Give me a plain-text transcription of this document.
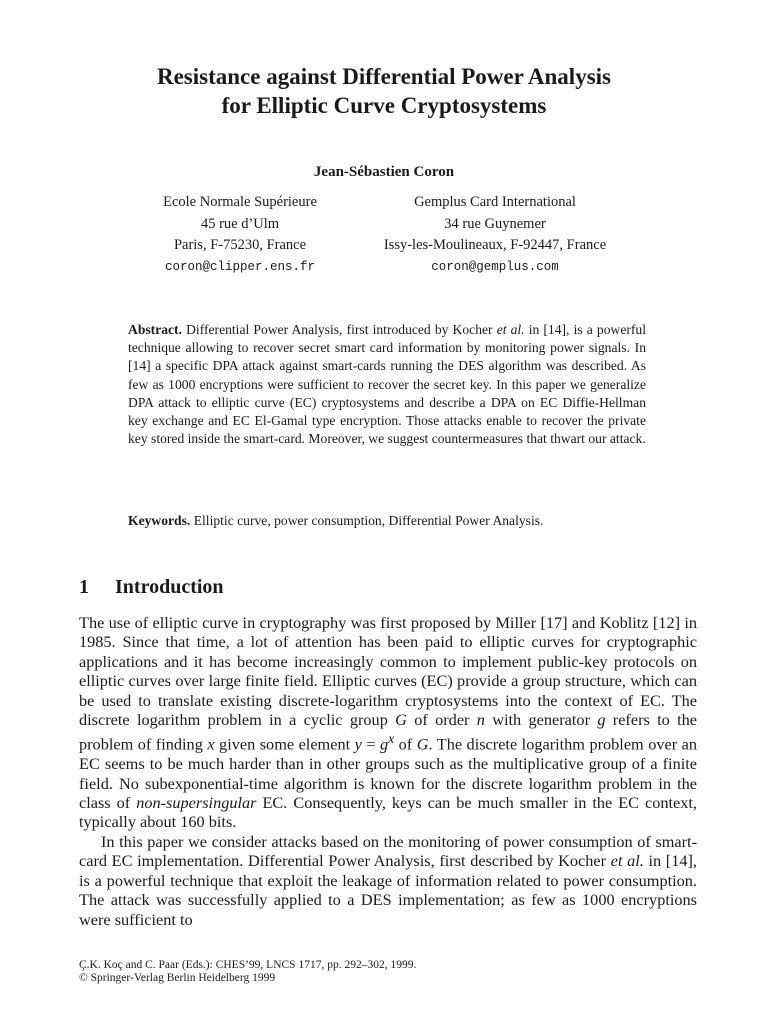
Resistance against Differential Power Analysis
for Elliptic Curve Cryptosystems
Jean-Sébastien Coron
Ecole Normale Supérieure
45 rue d’Ulm
Paris, F-75230, France
coron@clipper.ens.fr
Gemplus Card International
34 rue Guynemer
Issy-les-Moulineaux, F-92447, France
coron@gemplus.com
Abstract. Differential Power Analysis, first introduced by Kocher et al. in [14], is a powerful technique allowing to recover secret smart card information by monitoring power signals. In [14] a specific DPA attack against smart-cards running the DES algorithm was described. As few as 1000 encryptions were sufficient to recover the secret key. In this paper we generalize DPA attack to elliptic curve (EC) cryptosystems and describe a DPA on EC Diffie-Hellman key exchange and EC El-Gamal type encryption. Those attacks enable to recover the private key stored inside the smart-card. Moreover, we suggest countermeasures that thwart our attack.
Keywords. Elliptic curve, power consumption, Differential Power Analysis.
1 Introduction

The use of elliptic curve in cryptography was first proposed by Miller [17] and Koblitz [12] in 1985. Since that time, a lot of attention has been paid to elliptic curves for cryptographic applications and it has become increasingly common to implement public-key protocols on elliptic curves over large finite field. Elliptic curves (EC) provide a group structure, which can be used to translate existing discrete-logarithm cryptosystems into the context of EC. The discrete logarithm problem in a cyclic group G of order n with generator g refers to the problem of finding x given some element $y = g^x$ of G. The discrete logarithm problem over an EC seems to be much harder than in other groups such as the multiplicative group of a finite field. No subexponential-time algorithm is known for the discrete logarithm problem in the class of non-supersingular EC. Consequently, keys can be much smaller in the EC context, typically about 160 bits.

In this paper we consider attacks based on the monitoring of power consumption of smart-card EC implementation. Differential Power Analysis, first described by Kocher et al. in [14], is a powerful technique that exploit the leakage of information related to power consumption. The attack was successfully applied to a DES implementation; as few as 1000 encryptions were sufficient to

Ç.K. Koç and C. Paar (Eds.): CHES’99, LNCS 1717, pp. 292–302, 1999.
© Springer-Verlag Berlin Heidelberg 1999
